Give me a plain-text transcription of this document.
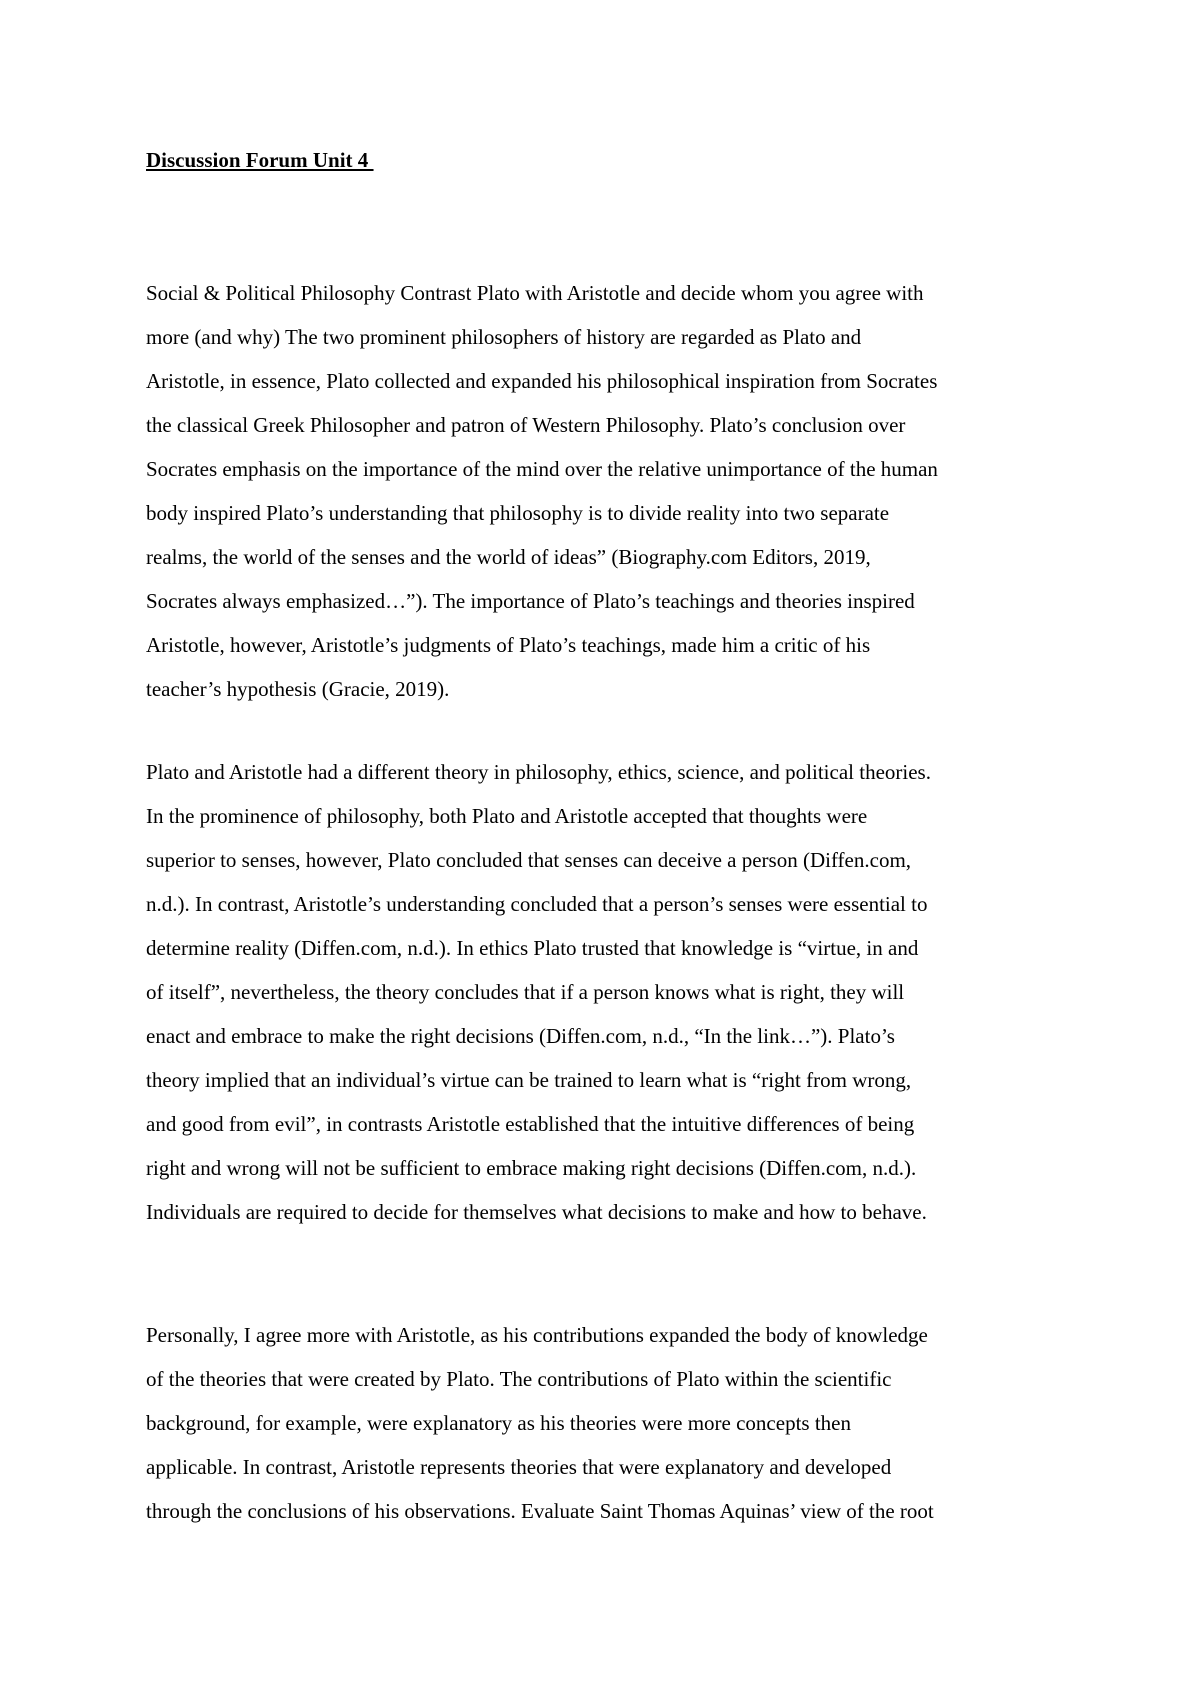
Discussion Forum Unit 4

Social & Political Philosophy Contrast Plato with Aristotle and decide whom you agree with
more (and why) The two prominent philosophers of history are regarded as Plato and
Aristotle, in essence, Plato collected and expanded his philosophical inspiration from Socrates
the classical Greek Philosopher and patron of Western Philosophy. Plato’s conclusion over
Socrates emphasis on the importance of the mind over the relative unimportance of the human
body inspired Plato’s understanding that philosophy is to divide reality into two separate
realms, the world of the senses and the world of ideas” (Biography.com Editors, 2019,
Socrates always emphasized…”). The importance of Plato’s teachings and theories inspired
Aristotle, however, Aristotle’s judgments of Plato’s teachings, made him a critic of his
teacher’s hypothesis (Gracie, 2019).

Plato and Aristotle had a different theory in philosophy, ethics, science, and political theories.
In the prominence of philosophy, both Plato and Aristotle accepted that thoughts were
superior to senses, however, Plato concluded that senses can deceive a person (Diffen.com,
n.d.). In contrast, Aristotle’s understanding concluded that a person’s senses were essential to
determine reality (Diffen.com, n.d.). In ethics Plato trusted that knowledge is “virtue, in and
of itself”, nevertheless, the theory concludes that if a person knows what is right, they will
enact and embrace to make the right decisions (Diffen.com, n.d., “In the link…”). Plato’s
theory implied that an individual’s virtue can be trained to learn what is “right from wrong,
and good from evil”, in contrasts Aristotle established that the intuitive differences of being
right and wrong will not be sufficient to embrace making right decisions (Diffen.com, n.d.).
Individuals are required to decide for themselves what decisions to make and how to behave.

Personally, I agree more with Aristotle, as his contributions expanded the body of knowledge
of the theories that were created by Plato. The contributions of Plato within the scientific
background, for example, were explanatory as his theories were more concepts then
applicable. In contrast, Aristotle represents theories that were explanatory and developed
through the conclusions of his observations. Evaluate Saint Thomas Aquinas’ view of the root
